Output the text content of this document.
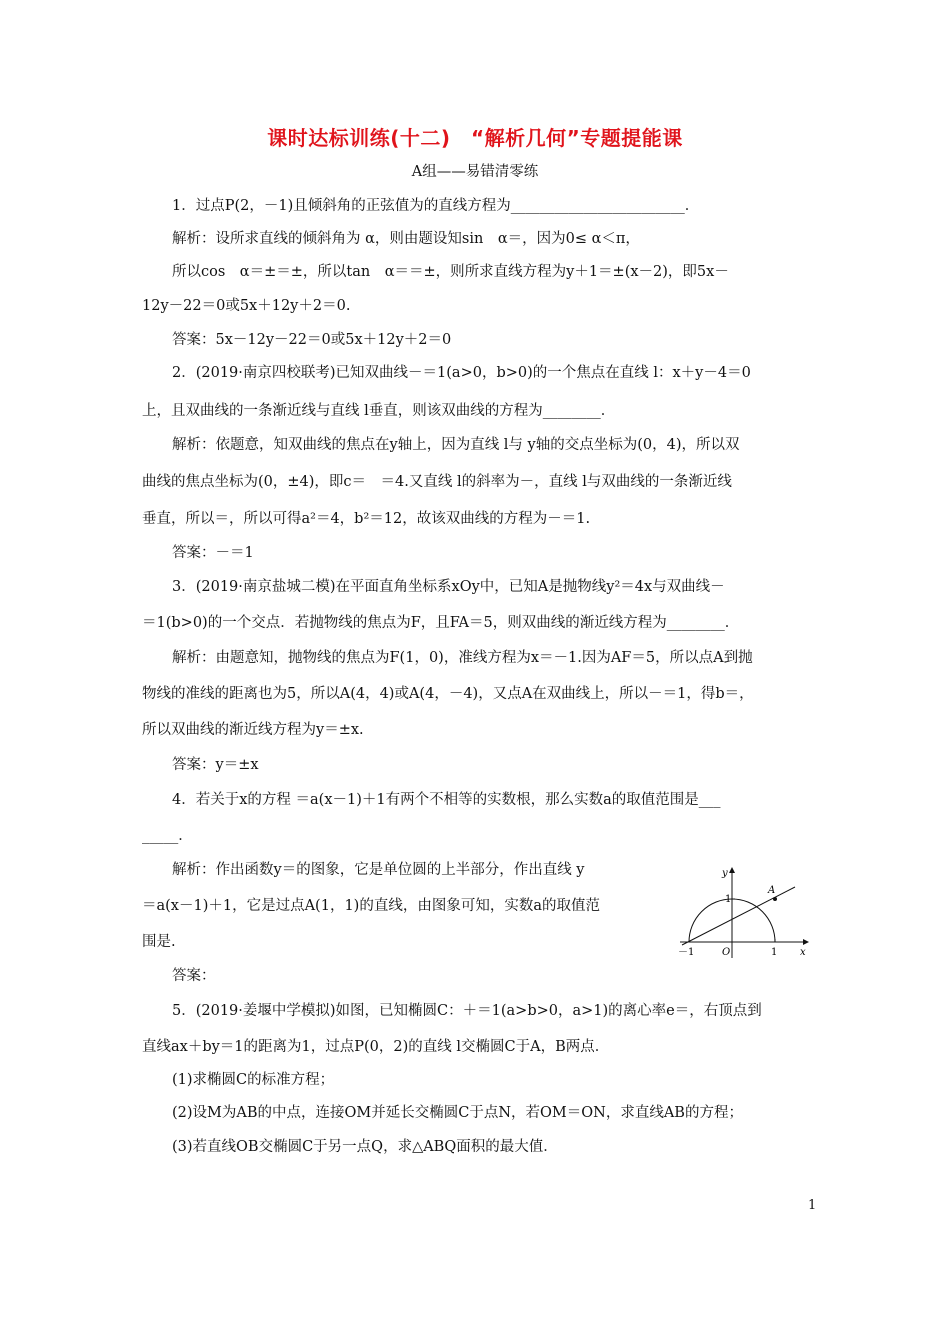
课时达标训练(十二)　“解析几何”专题提能课
A组——易错清零练
1．过点P(2，－1)且倾斜角的正弦值为的直线方程为________________________．
解析：设所求直线的倾斜角为 α，则由题设知sin　α＝，因为0≤ α＜π，
所以cos　α＝±＝±，所以tan　α＝＝±，则所求直线方程为y＋1＝±(x－2)，即5x－
12y－22＝0或5x＋12y＋2＝0.
答案：5x－12y－22＝0或5x＋12y＋2＝0
2．(2019·南京四校联考)已知双曲线－＝1(a>0，b>0)的一个焦点在直线 l：x＋y－4＝0
上，且双曲线的一条渐近线与直线 l垂直，则该双曲线的方程为________．
解析：依题意，知双曲线的焦点在y轴上，因为直线 l与 y轴的交点坐标为(0，4)，所以双
曲线的焦点坐标为(0，±4)，即c＝　＝4.又直线 l的斜率为－，直线 l与双曲线的一条渐近线
垂直，所以＝，所以可得a²＝4，b²＝12，故该双曲线的方程为－＝1.
答案：－＝1
3．(2019·南京盐城二模)在平面直角坐标系xOy中，已知A是抛物线y²＝4x与双曲线－
＝1(b>0)的一个交点．若抛物线的焦点为F，且FA＝5，则双曲线的渐近线方程为________．
解析：由题意知，抛物线的焦点为F(1，0)，准线方程为x＝－1.因为AF＝5，所以点A到抛
物线的准线的距离也为5，所以A(4，4)或A(4，－4)，又点A在双曲线上，所以－＝1，得b＝，
所以双曲线的渐近线方程为y＝±x.
答案：y＝±x
4．若关于x的方程 ＝a(x－1)＋1有两个不相等的实数根，那么实数a的取值范围是___
_____．
解析：作出函数y＝的图象，它是单位圆的上半部分，作出直线 y
＝a(x－1)＋1，它是过点A(1，1)的直线，由图象可知，实数a的取值范
围是.
答案：
y
x
A
O
－1	1
1
5．(2019·姜堰中学模拟)如图，已知椭圆C：＋＝1(a>b>0，a>1)的离心率e＝，右顶点到
直线ax＋by＝1的距离为1，过点P(0，2)的直线 l交椭圆C于A，B两点．
(1)求椭圆C的标准方程；
(2)设M为AB的中点，连接OM并延长交椭圆C于点N，若OM＝ON，求直线AB的方程；
(3)若直线OB交椭圆C于另一点Q，求△ABQ面积的最大值．
1
